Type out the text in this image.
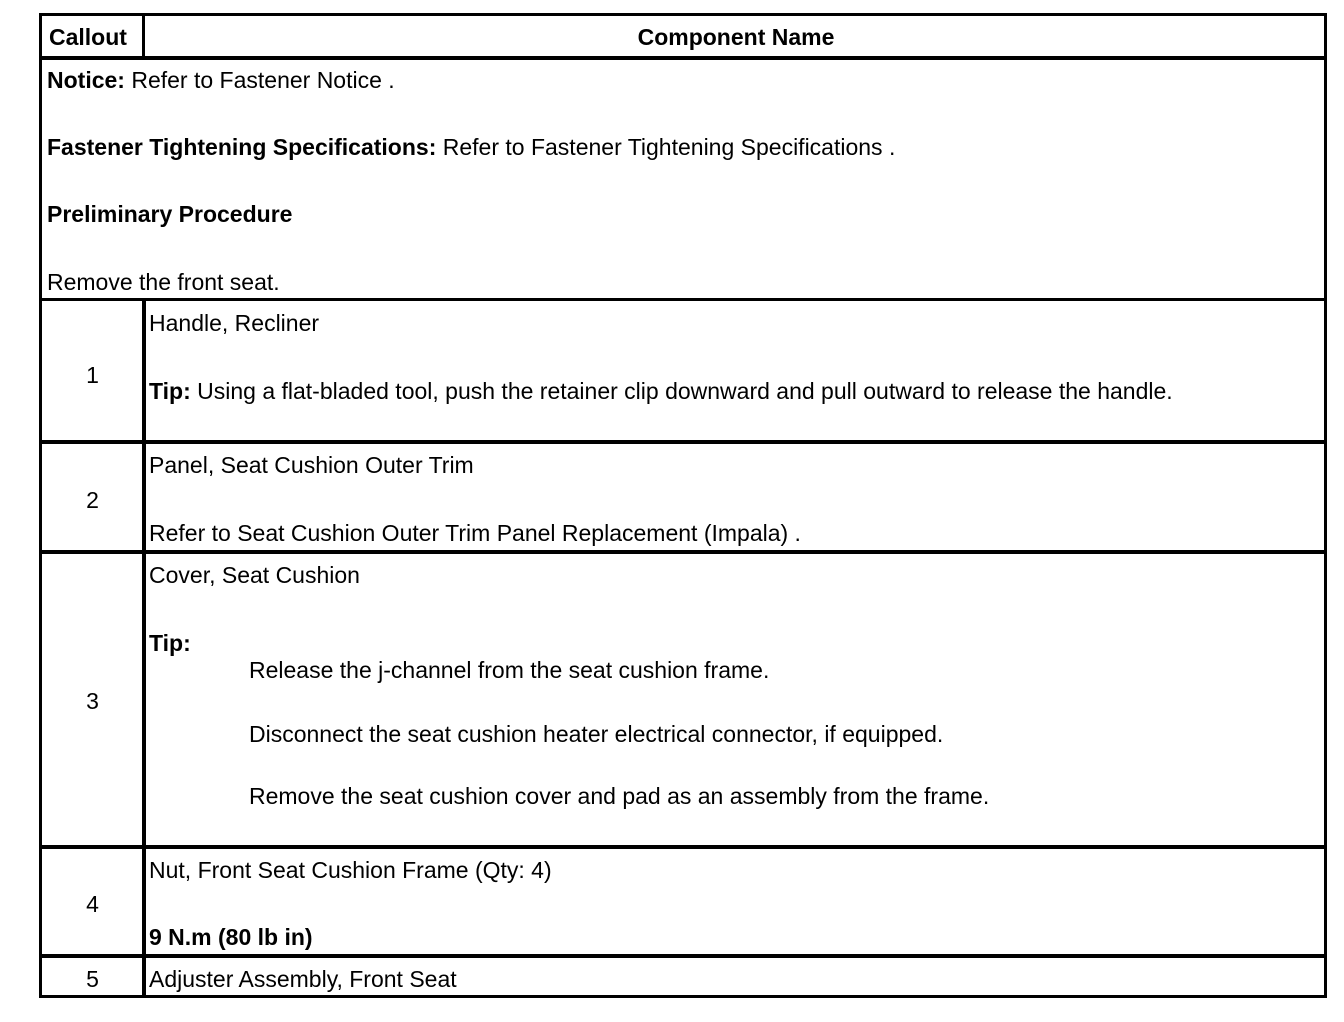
Callout	Component Name
Notice: Refer to Fastener Notice .
Fastener Tightening Specifications: Refer to Fastener Tightening Specifications .
Preliminary Procedure
Remove the front seat.
1
Handle, Recliner
Tip: Using a flat-bladed tool, push the retainer clip downward and pull outward to release the handle.
2
Panel, Seat Cushion Outer Trim
Refer to Seat Cushion Outer Trim Panel Replacement (Impala) .
3
Cover, Seat Cushion
Tip:
Release the j-channel from the seat cushion frame.
Disconnect the seat cushion heater electrical connector, if equipped.
Remove the seat cushion cover and pad as an assembly from the frame.
4
Nut, Front Seat Cushion Frame (Qty: 4)
9 N.m (80 lb in)
5	Adjuster Assembly, Front Seat
